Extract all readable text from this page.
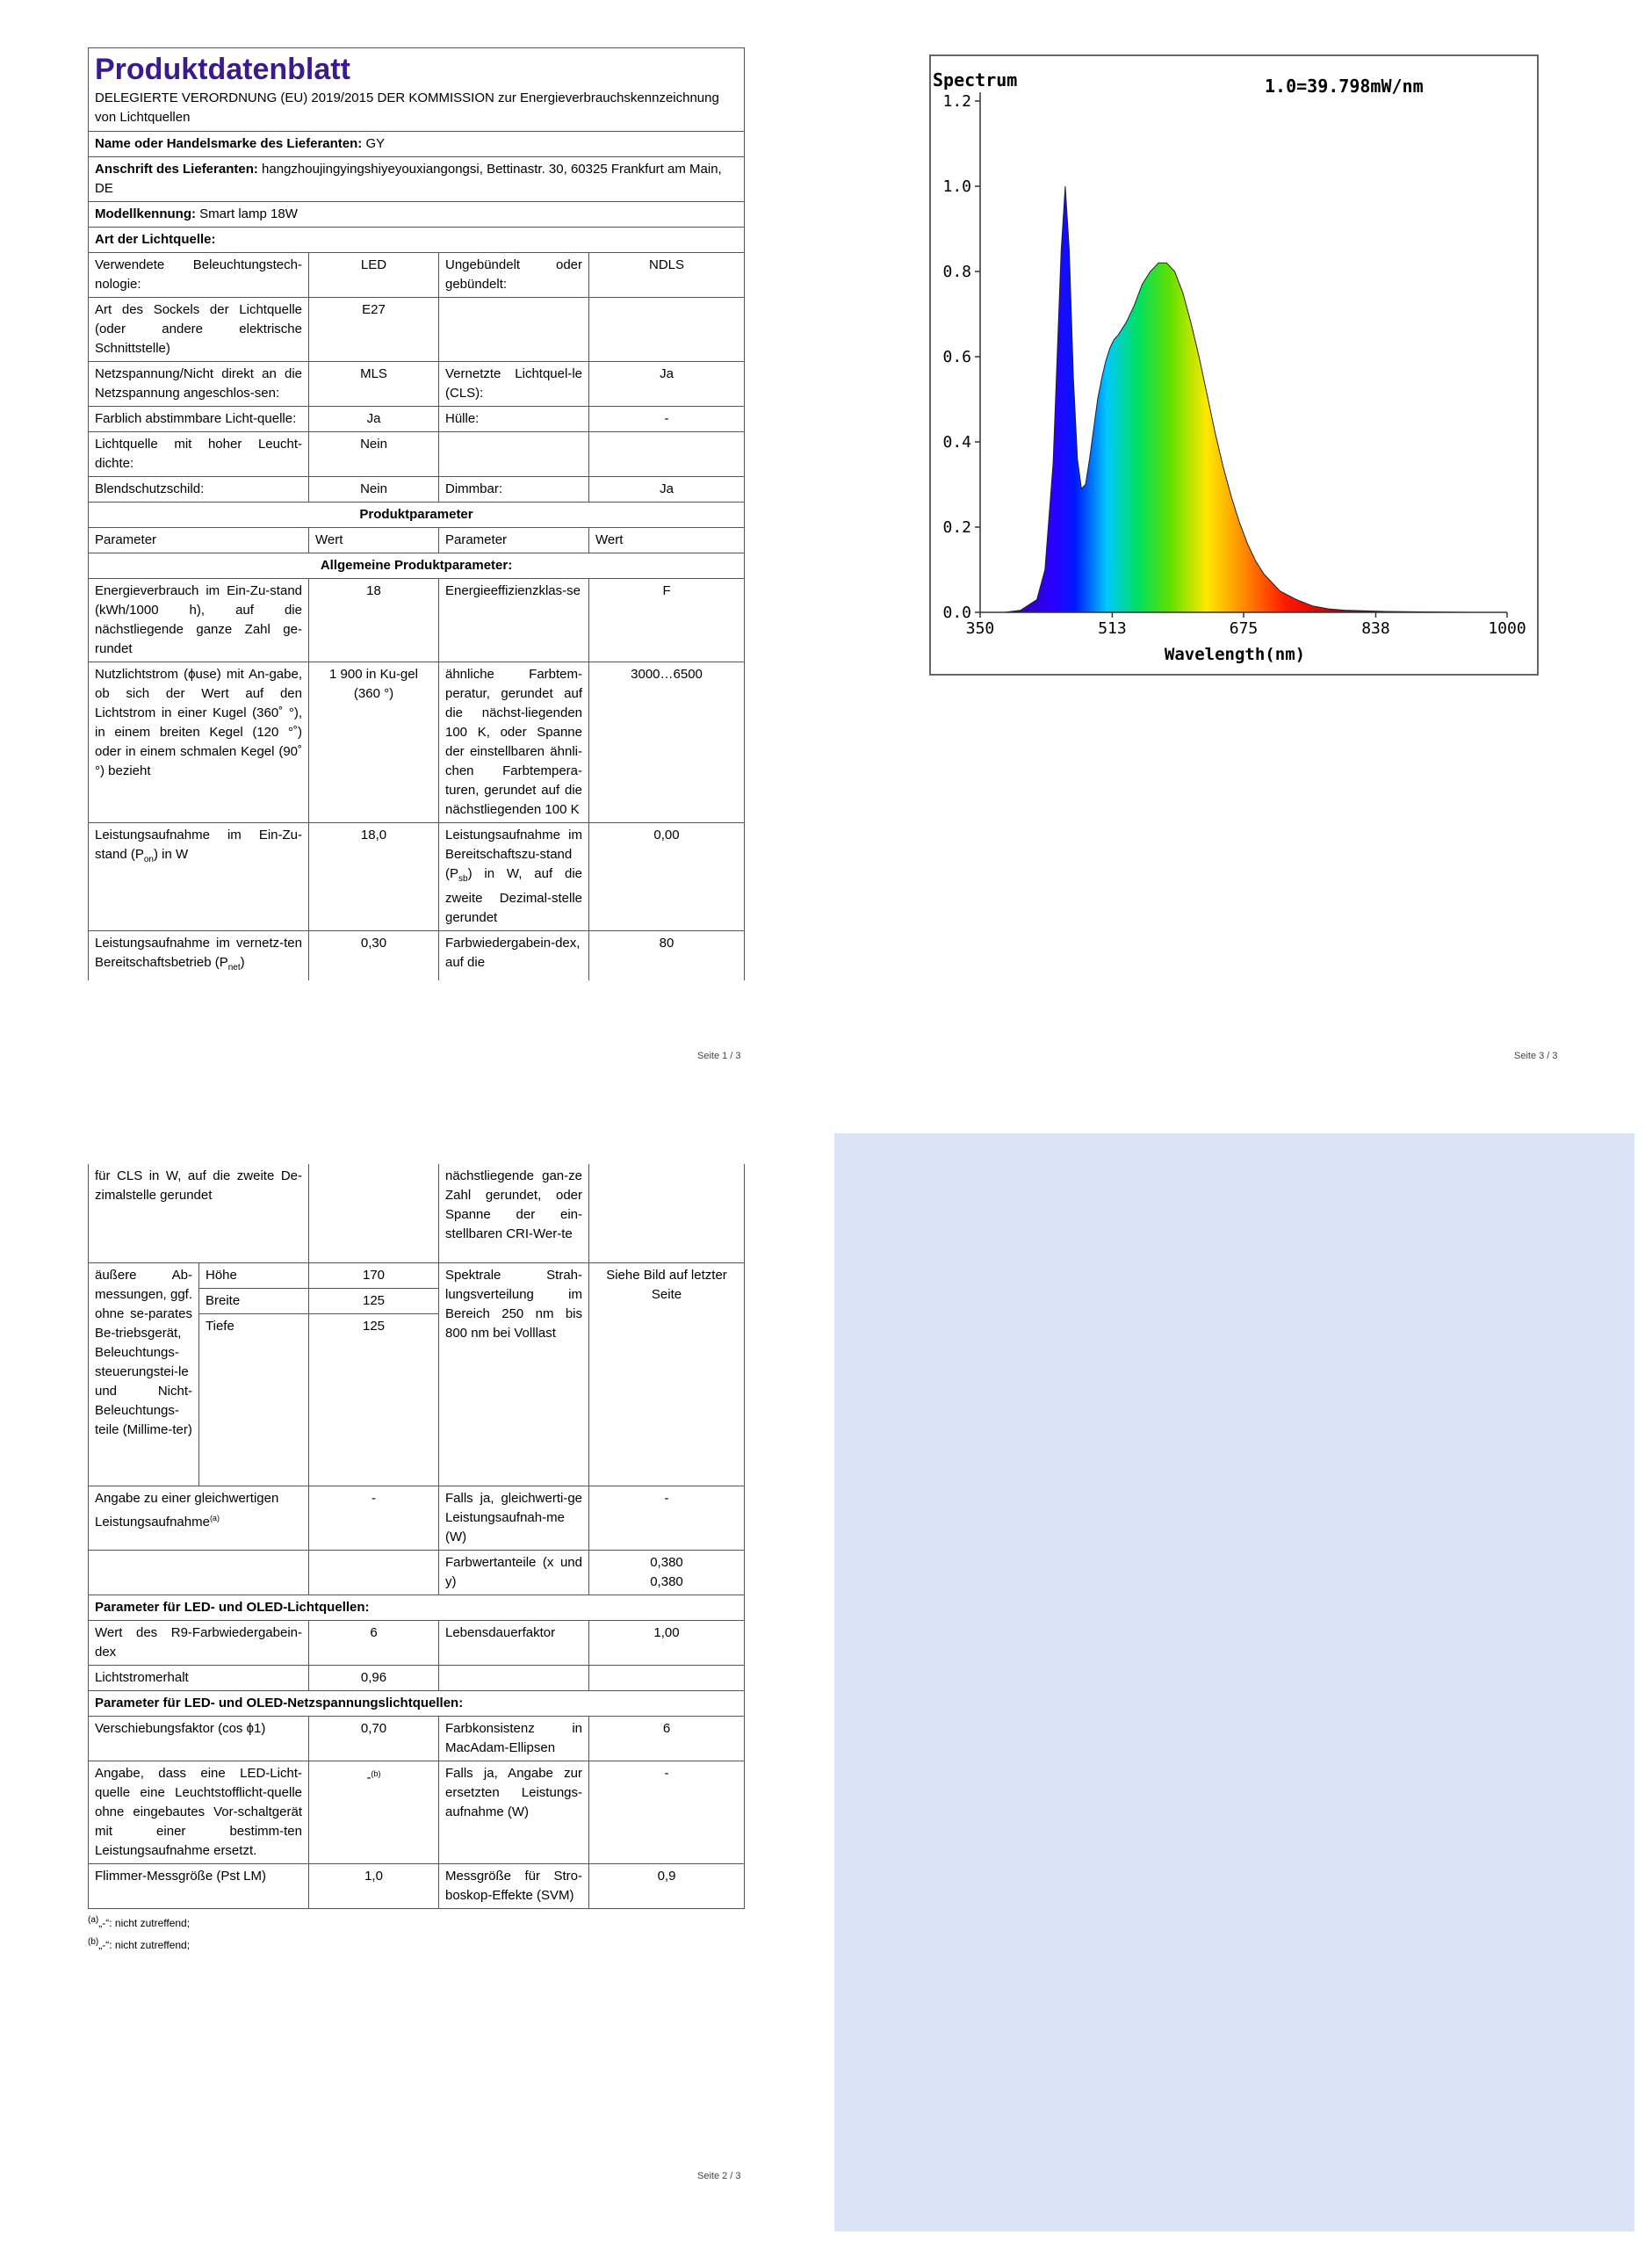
Produktdatenblatt
DELEGIERTE VERORDNUNG (EU) 2019/2015 DER KOMMISSION zur Energieverbrauchskennzeichnung von Lichtquellen			

Name oder Handelsmarke des Lieferanten: GY			
Anschrift des Lieferanten: hangzhoujingyingshiyeyouxiangongsi, Bettinastr. 30, 60325 Frankfurt am Main, DE			
Modellkennung: Smart lamp 18W			
Art der Lichtquelle:			
Verwendete Beleuchtungstech-nologie:	LED	Ungebündelt oder gebündelt:	NDLS
Art des Sockels der Lichtquelle (oder andere elektrische Schnittstelle)	E27		
Netzspannung/Nicht direkt an die Netzspannung angeschlos-sen:	MLS	Vernetzte Lichtquel-le (CLS):	Ja
Farblich abstimmbare Licht-quelle:	Ja	Hülle:	-
Lichtquelle mit hoher Leucht-dichte:	Nein		
Blendschutzschild:	Nein	Dimmbar:	Ja
Produktparameter			
Parameter	Wert	Parameter	Wert
Allgemeine Produktparameter:			
Energieverbrauch im Ein-Zu-stand (kWh/1000 h), auf die nächstliegende ganze Zahl ge-rundet	18	Energieeffizienzklas-se	F
Nutzlichtstrom (ϕuse) mit An-gabe, ob sich der Wert auf den Lichtstrom in einer Kugel (360˚ °), in einem breiten Kegel (120 °˚) oder in einem schmalen Kegel (90˚ °) bezieht	1 900 in Ku-gel (360 °)	ähnliche Farbtem-peratur, gerundet auf die nächst-liegenden 100 K, oder Spanne der einstellbaren ähnli-chen Farbtempera-turen, gerundet auf die nächstliegenden 100 K	3000…6500
Leistungsaufnahme im Ein-Zu-stand $(P_{on})$ in W	18,0	Leistungsaufnahme im Bereitschaftszu-stand $(P_{sb})$ in W, auf die zweite Dezimal-stelle gerundet	0,00
Leistungsaufnahme im vernetz-ten Bereitschaftsbetrieb $(P_{net})$	0,30	Farbwiedergabein-dex, auf die	80
Seite 1 / 3
Spectrum	1.0=39.798mW/nm
Wavelength(nm)
0.0
0.2
0.4
0.6
0.8
1.0
1.2
350	513	675	838	1000
Seite 3 / 3
für CLS in W, auf die zweite De-zimalstelle gerundet			nächstliegende gan-ze Zahl gerundet, oder Spanne der ein-stellbaren CRI-Wer-te	
äußere Ab-messungen, ggf. ohne se-parates Be-triebsgerät, Beleuchtungs-steuerungstei-le und Nicht-Beleuchtungs-teile (Millime-ter)	Höhe	170	Spektrale Strah-lungsverteilung im Bereich 250 nm bis 800 nm bei Volllast	Siehe Bild auf letzter Seite
	Breite	125		
	Tiefe	125		
Angabe zu einer gleichwertigen Leistungsaufnahme$^{(a)}$		-	Falls ja, gleichwerti-ge Leistungsaufnah-me (W)	-
			Farbwertanteile (x und y)	0,380
0,380

Parameter für LED- und OLED-Lichtquellen:				
Wert des R9-Farbwiedergabein-dex		6	Lebensdauerfaktor	1,00
Lichtstromerhalt		0,96		
Parameter für LED- und OLED-Netzspannungslichtquellen:				
Verschiebungsfaktor (cos ϕ1)		0,70	Farbkonsistenz in MacAdam-Ellipsen	6
Angabe, dass eine LED-Licht-quelle eine Leuchtstofflicht-quelle ohne eingebautes Vor-schaltgerät mit einer bestimm-ten Leistungsaufnahme ersetzt.		-$^{(b)}$	Falls ja, Angabe zur ersetzten Leistungs-aufnahme (W)	-
Flimmer-Messgröße (Pst LM)		1,0	Messgröße für Stro-boskop-Effekte (SVM)	0,9
$^{(a)}$„-“: nicht zutreffend;
$^{(b)}$„-“: nicht zutreffend;
Seite 2 / 3
